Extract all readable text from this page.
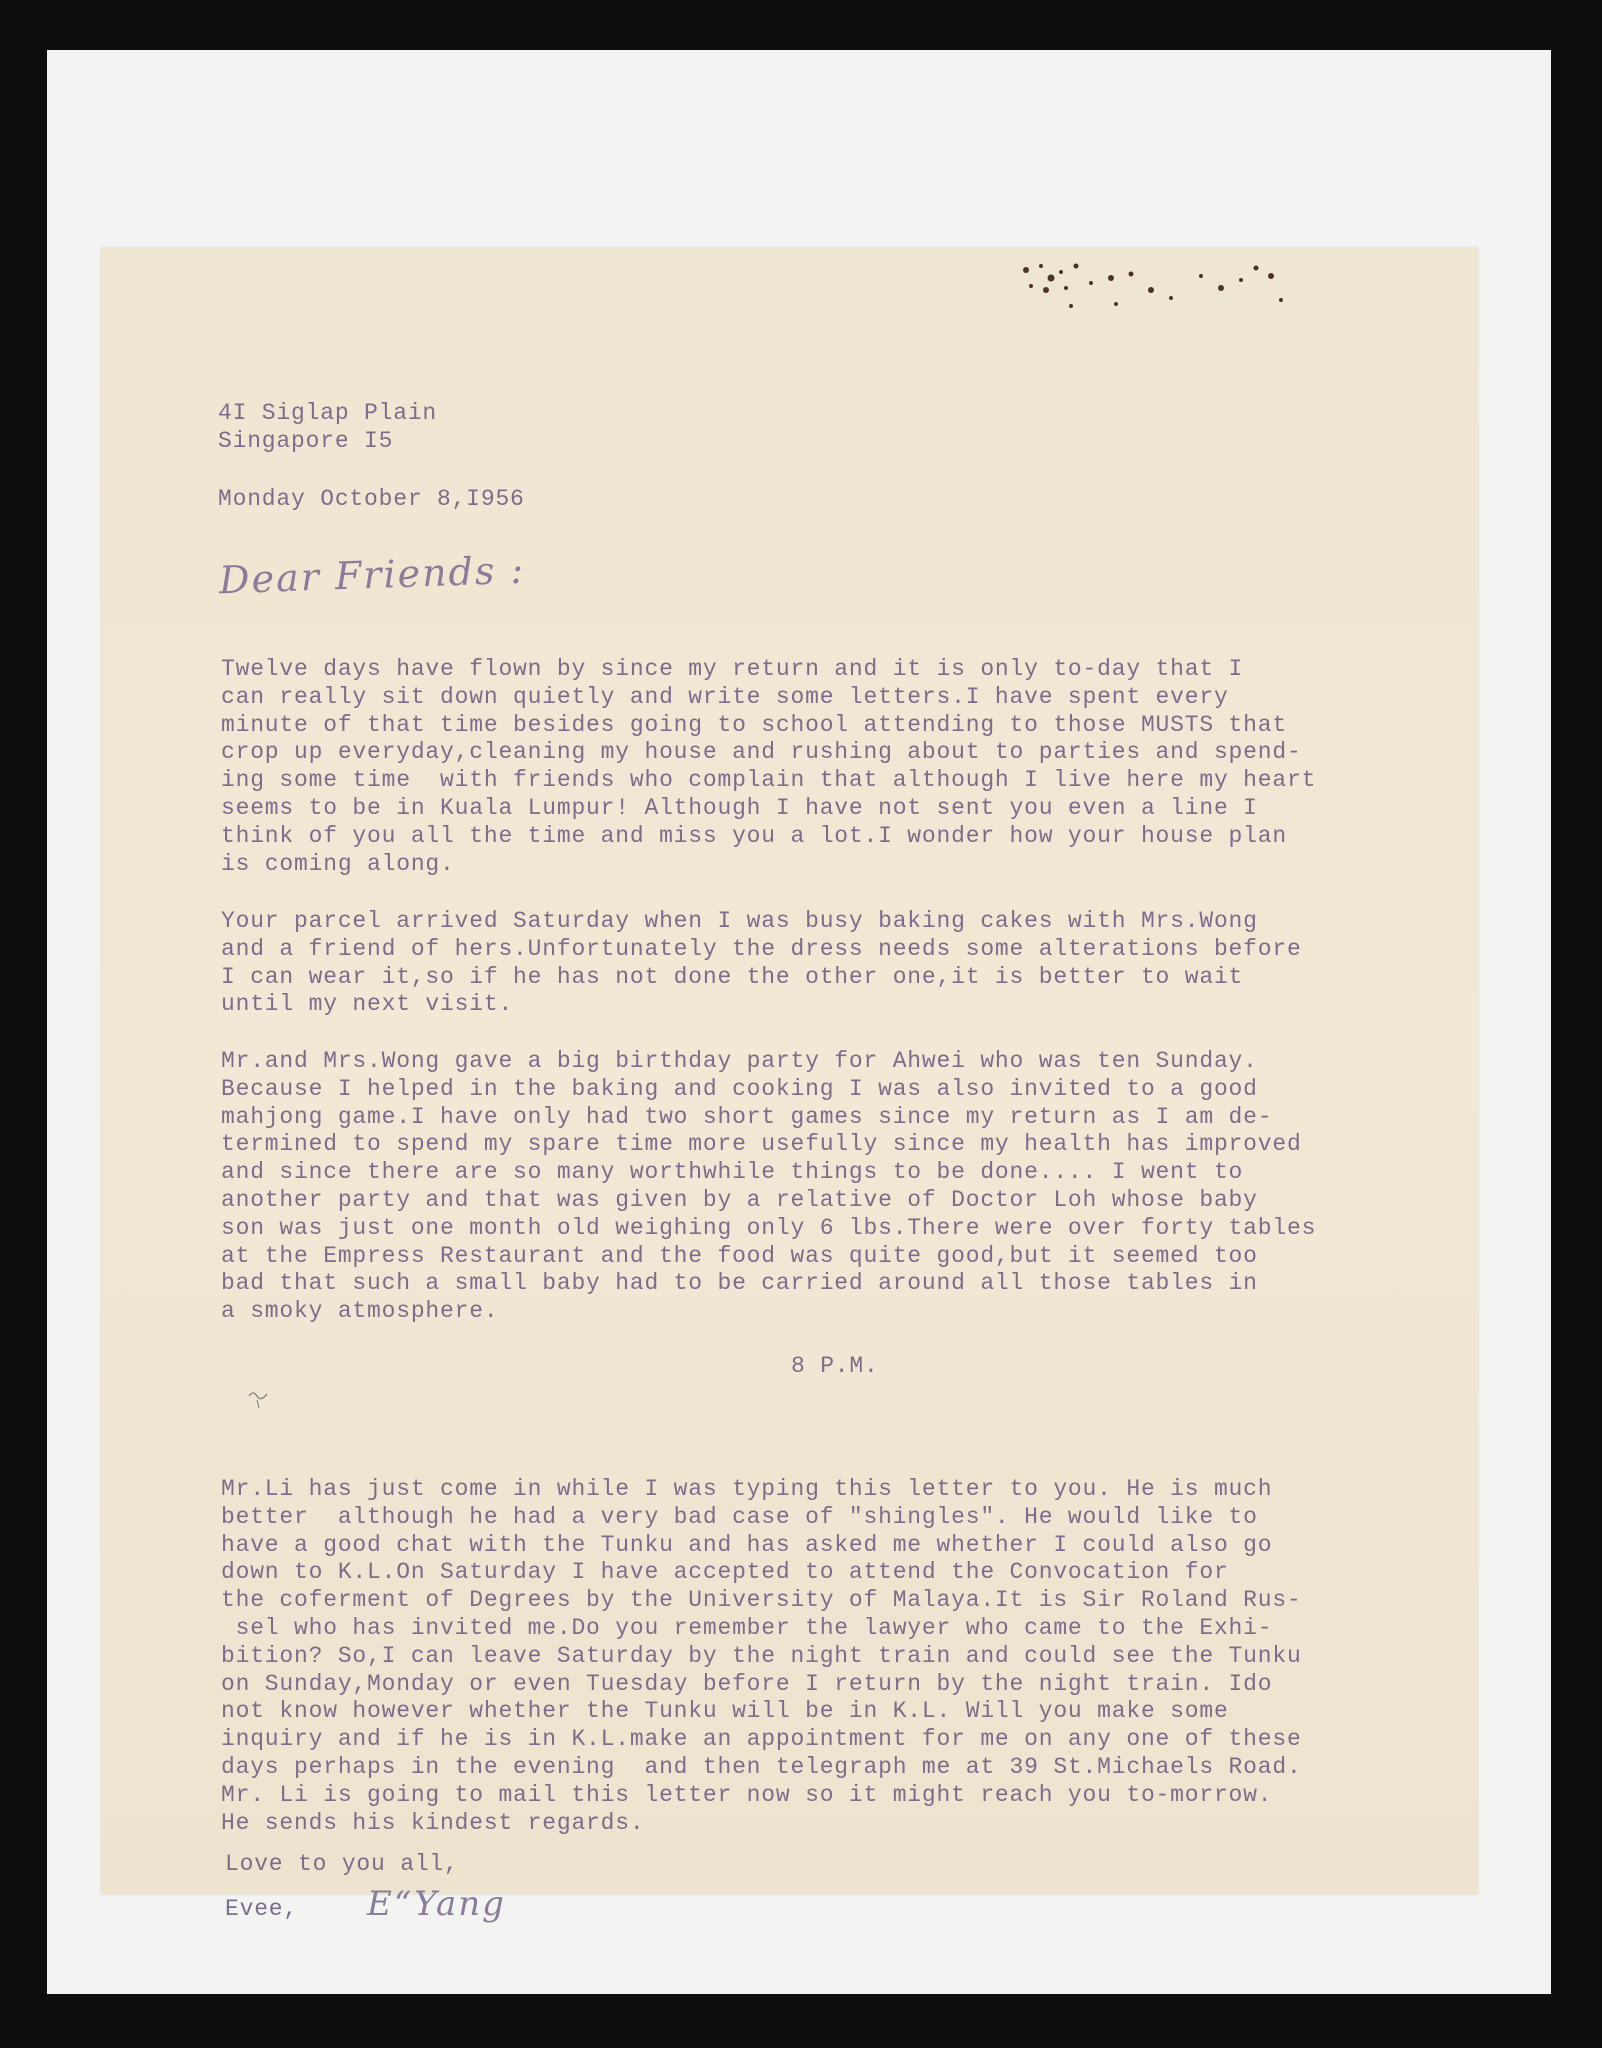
4I Siglap Plain
Singapore I5
Monday October 8,I956
Dear Friends :
Twelve days have flown by since my return and it is only to-day that I
can really sit down quietly and write some letters.I have spent every
minute of that time besides going to school attending to those MUSTS that
crop up everyday,cleaning my house and rushing about to parties and spend-
ing some time  with friends who complain that although I live here my heart
seems to be in Kuala Lumpur! Although I have not sent you even a line I
think of you all the time and miss you a lot.I wonder how your house plan
is coming along.
Your parcel arrived Saturday when I was busy baking cakes with Mrs.Wong
and a friend of hers.Unfortunately the dress needs some alterations before
I can wear it,so if he has not done the other one,it is better to wait
until my next visit.
Mr.and Mrs.Wong gave a big birthday party for Ahwei who was ten Sunday.
Because I helped in the baking and cooking I was also invited to a good
mahjong game.I have only had two short games since my return as I am de-
termined to spend my spare time more usefully since my health has improved
and since there are so many worthwhile things to be done.... I went to
another party and that was given by a relative of Doctor Loh whose baby
son was just one month old weighing only 6 lbs.There were over forty tables
at the Empress Restaurant and the food was quite good,but it seemed too
bad that such a small baby had to be carried around all those tables in
a smoky atmosphere.
8 P.M.
Mr.Li has just come in while I was typing this letter to you. He is much
better  although he had a very bad case of "shingles". He would like to
have a good chat with the Tunku and has asked me whether I could also go
down to K.L.On Saturday I have accepted to attend the Convocation for
the coferment of Degrees by the University of Malaya.It is Sir Roland Rus-
sel who has invited me.Do you remember the lawyer who came to the Exhi-
bition? So,I can leave Saturday by the night train and could see the Tunku
on Sunday,Monday or even Tuesday before I return by the night train. Ido
not know however whether the Tunku will be in K.L. Will you make some
inquiry and if he is in K.L.make an appointment for me on any one of these
days perhaps in the evening  and then telegraph me at 39 St.Michaels Road.
Mr. Li is going to mail this letter now so it might reach you to-morrow.
He sends his kindest regards.
Love to you all,
Evee, E“Yang
